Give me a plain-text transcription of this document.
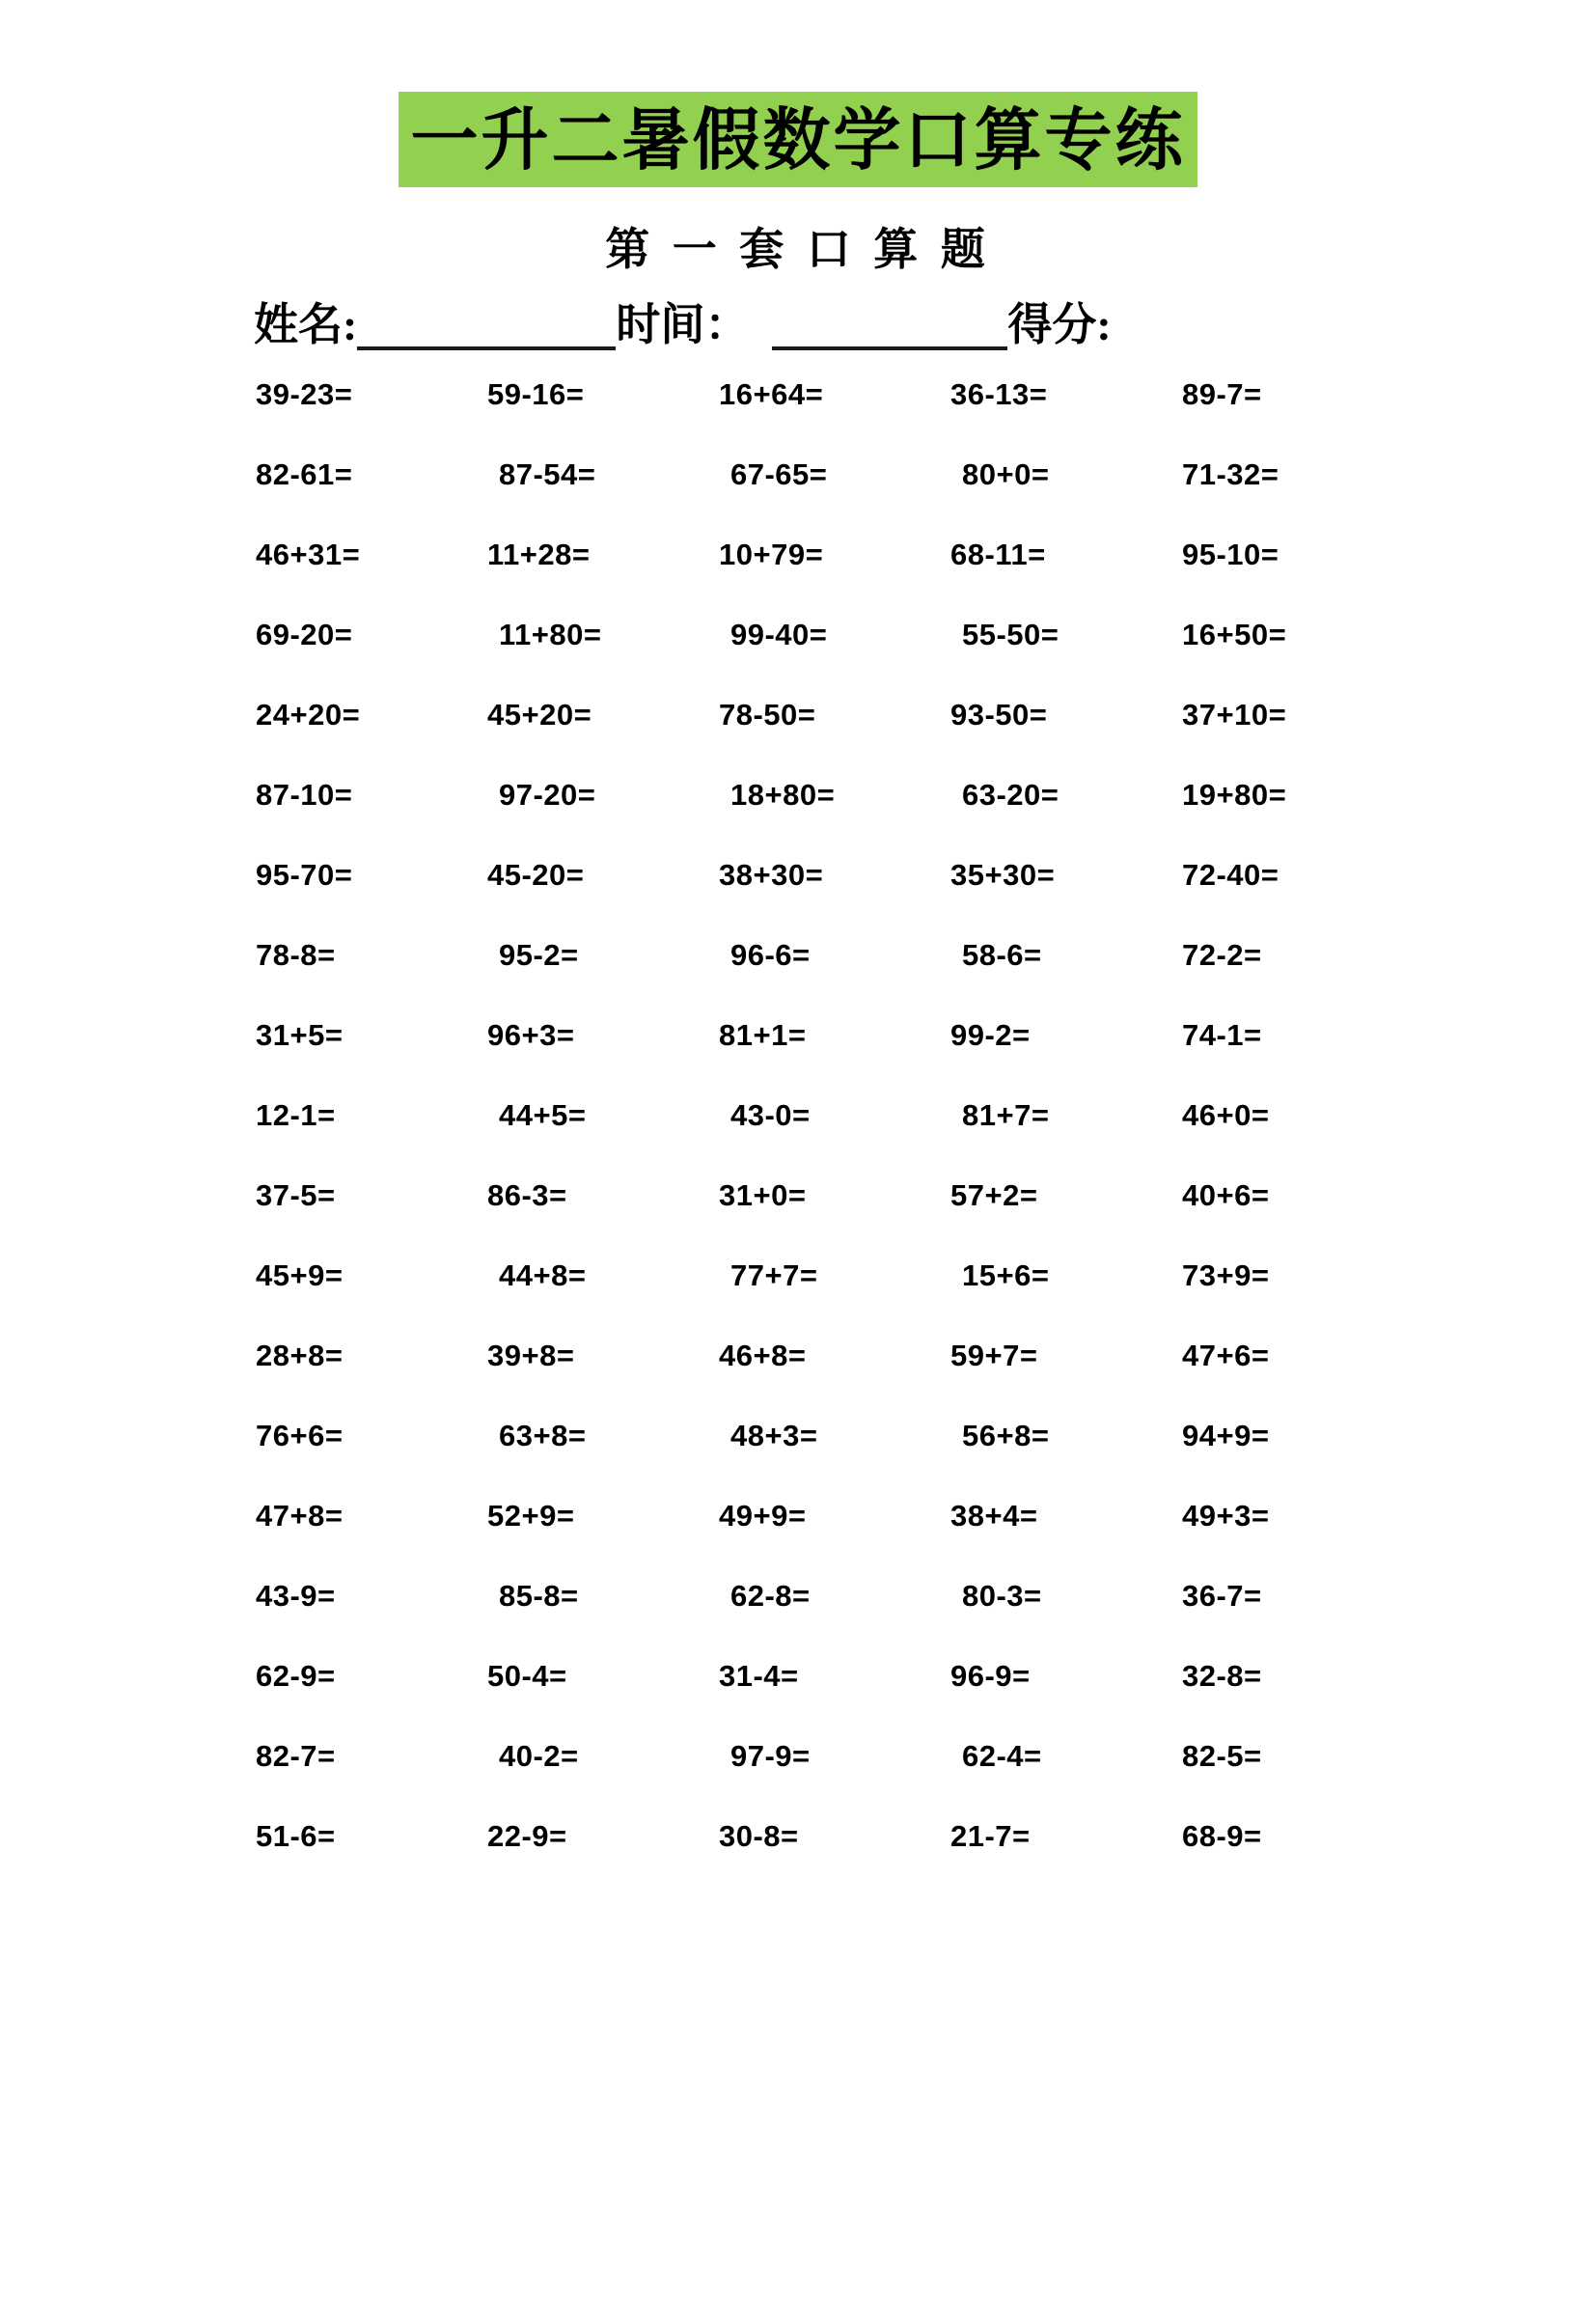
一升二暑假数学口算专练
第 一 套 口 算 题
姓名:	时间：	得分:
39-23=	59-16=	16+64=	36-13=	89-7=
82-61=	87-54=	67-65=	80+0=	71-32=
46+31=	11+28=	10+79=	68-11=	95-10=
69-20=	11+80=	99-40=	55-50=	16+50=
24+20=	45+20=	78-50=	93-50=	37+10=
87-10=	97-20=	18+80=	63-20=	19+80=
95-70=	45-20=	38+30=	35+30=	72-40=
78-8=	95-2=	96-6=	58-6=	72-2=
31+5=	96+3=	81+1=	99-2=	74-1=
12-1=	44+5=	43-0=	81+7=	46+0=
37-5=	86-3=	31+0=	57+2=	40+6=
45+9=	44+8=	77+7=	15+6=	73+9=
28+8=	39+8=	46+8=	59+7=	47+6=
76+6=	63+8=	48+3=	56+8=	94+9=
47+8=	52+9=	49+9=	38+4=	49+3=
43-9=	85-8=	62-8=	80-3=	36-7=
62-9=	50-4=	31-4=	96-9=	32-8=
82-7=	40-2=	97-9=	62-4=	82-5=
51-6=	22-9=	30-8=	21-7=	68-9=
